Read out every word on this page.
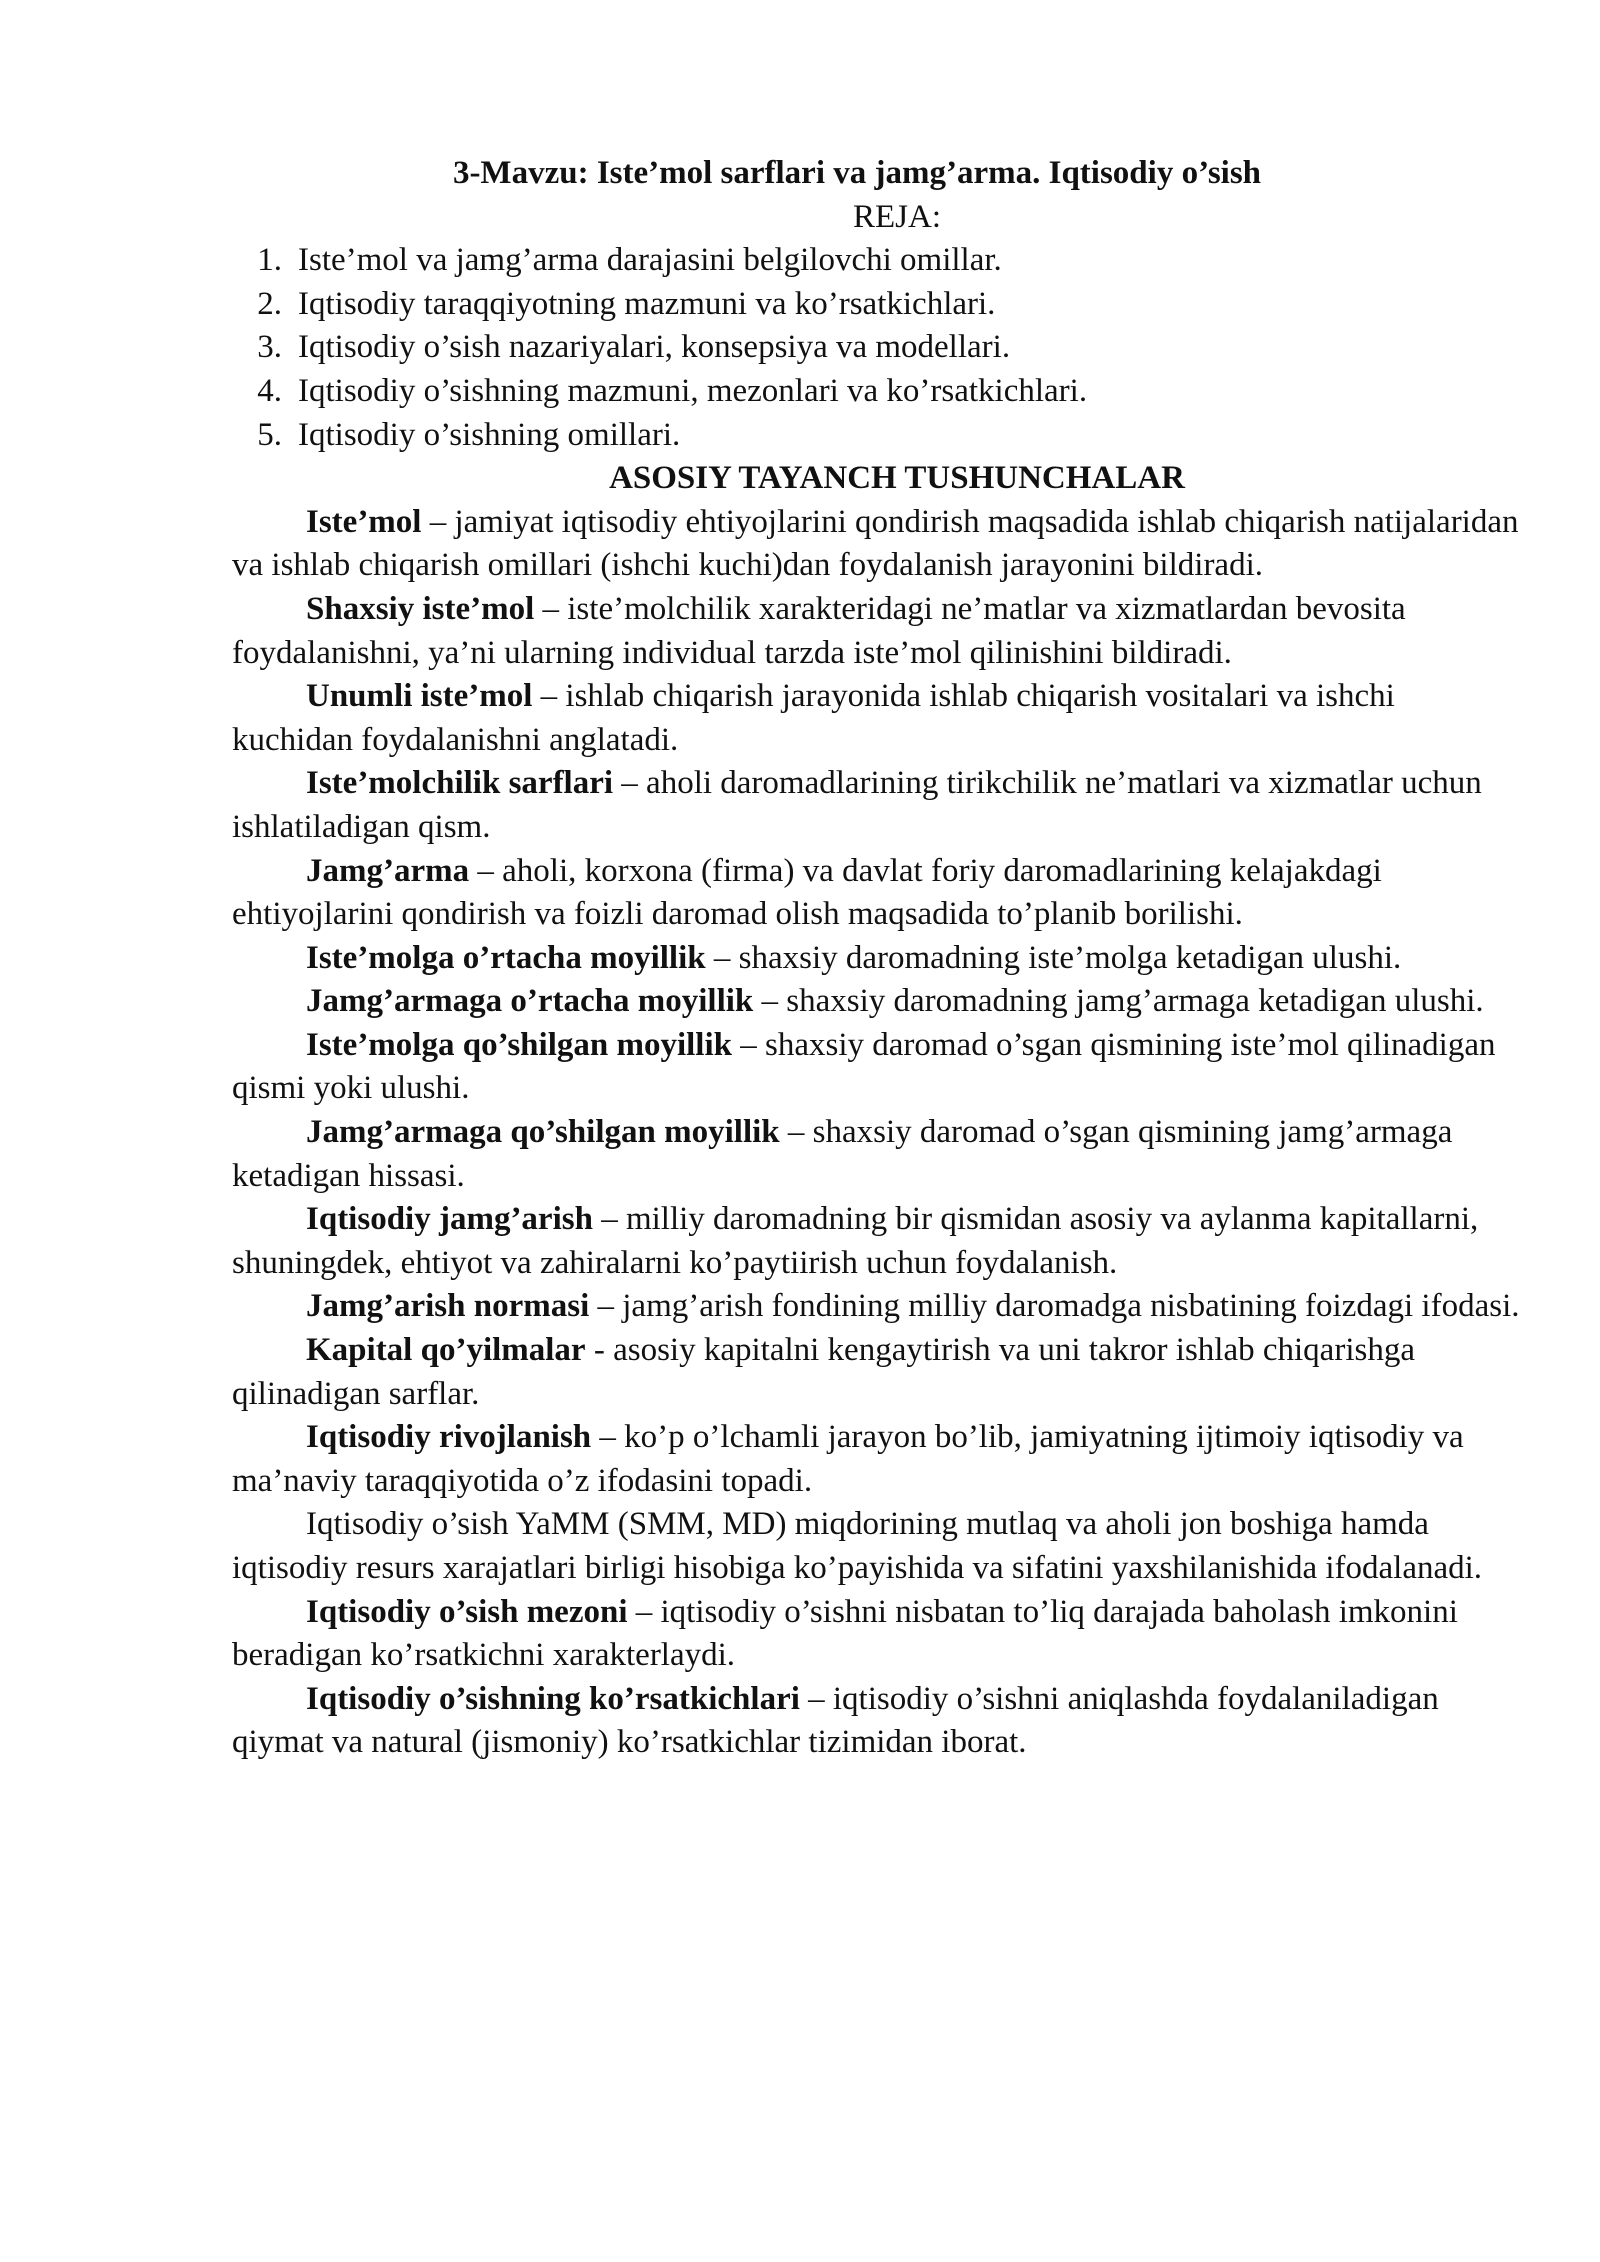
3-Mavzu: Iste’mol sarflari va jamg’arma. Iqtisodiy o’sish

REJA:

1. Iste’mol va jamg’arma darajasini belgilovchi omillar.
2. Iqtisodiy taraqqiyotning mazmuni va ko’rsatkichlari.
3. Iqtisodiy o’sish nazariyalari, konsepsiya va modellari.
4. Iqtisodiy o’sishning mazmuni, mezonlari va ko’rsatkichlari.
5. Iqtisodiy o’sishning omillari.

ASOSIY TAYANCH TUSHUNCHALAR

Iste’mol – jamiyat iqtisodiy ehtiyojlarini qondirish maqsadida ishlab chiqarish natijalaridan va ishlab chiqarish omillari (ishchi kuchi)dan foydalanish jarayonini bildiradi.

Shaxsiy iste’mol – iste’molchilik xarakteridagi ne’matlar va xizmatlardan bevosita foydalanishni, ya’ni ularning individual tarzda iste’mol qilinishini bildiradi.

Unumli iste’mol – ishlab chiqarish jarayonida ishlab chiqarish vositalari va ishchi kuchidan foydalanishni anglatadi.

Iste’molchilik sarflari – aholi daromadlarining tirikchilik ne’matlari va xizmatlar uchun ishlatiladigan qism.

Jamg’arma – aholi, korxona (firma) va davlat foriy daromadlarining kelajakdagi ehtiyojlarini qondirish va foizli daromad olish maqsadida to’planib borilishi.

Iste’molga o’rtacha moyillik – shaxsiy daromadning iste’molga ketadigan ulushi.

Jamg’armaga o’rtacha moyillik – shaxsiy daromadning jamg’armaga ketadigan ulushi.

Iste’molga qo’shilgan moyillik – shaxsiy daromad o’sgan qismining iste’mol qilinadigan qismi yoki ulushi.

Jamg’armaga qo’shilgan moyillik – shaxsiy daromad o’sgan qismining jamg’armaga ketadigan hissasi.

Iqtisodiy jamg’arish – milliy daromadning bir qismidan asosiy va aylanma kapitallarni, shuningdek, ehtiyot va zahiralarni ko’paytiirish uchun foydalanish.

Jamg’arish normasi – jamg’arish fondining milliy daromadga nisbatining foizdagi ifodasi.

Kapital qo’yilmalar - asosiy kapitalni kengaytirish va uni takror ishlab chiqarishga qilinadigan sarflar.

Iqtisodiy rivojlanish – ko’p o’lchamli jarayon bo’lib, jamiyatning ijtimoiy iqtisodiy va ma’naviy taraqqiyotida o’z ifodasini topadi.

Iqtisodiy o’sish YaMM (SMM, MD) miqdorining mutlaq va aholi jon boshiga hamda iqtisodiy resurs xarajatlari birligi hisobiga ko’payishida va sifatini yaxshilanishida ifodalanadi.

Iqtisodiy o’sish mezoni – iqtisodiy o’sishni nisbatan to’liq darajada baholash imkonini beradigan ko’rsatkichni xarakterlaydi.

Iqtisodiy o’sishning ko’rsatkichlari – iqtisodiy o’sishni aniqlashda foydalaniladigan qiymat va natural (jismoniy) ko’rsatkichlar tizimidan iborat.
